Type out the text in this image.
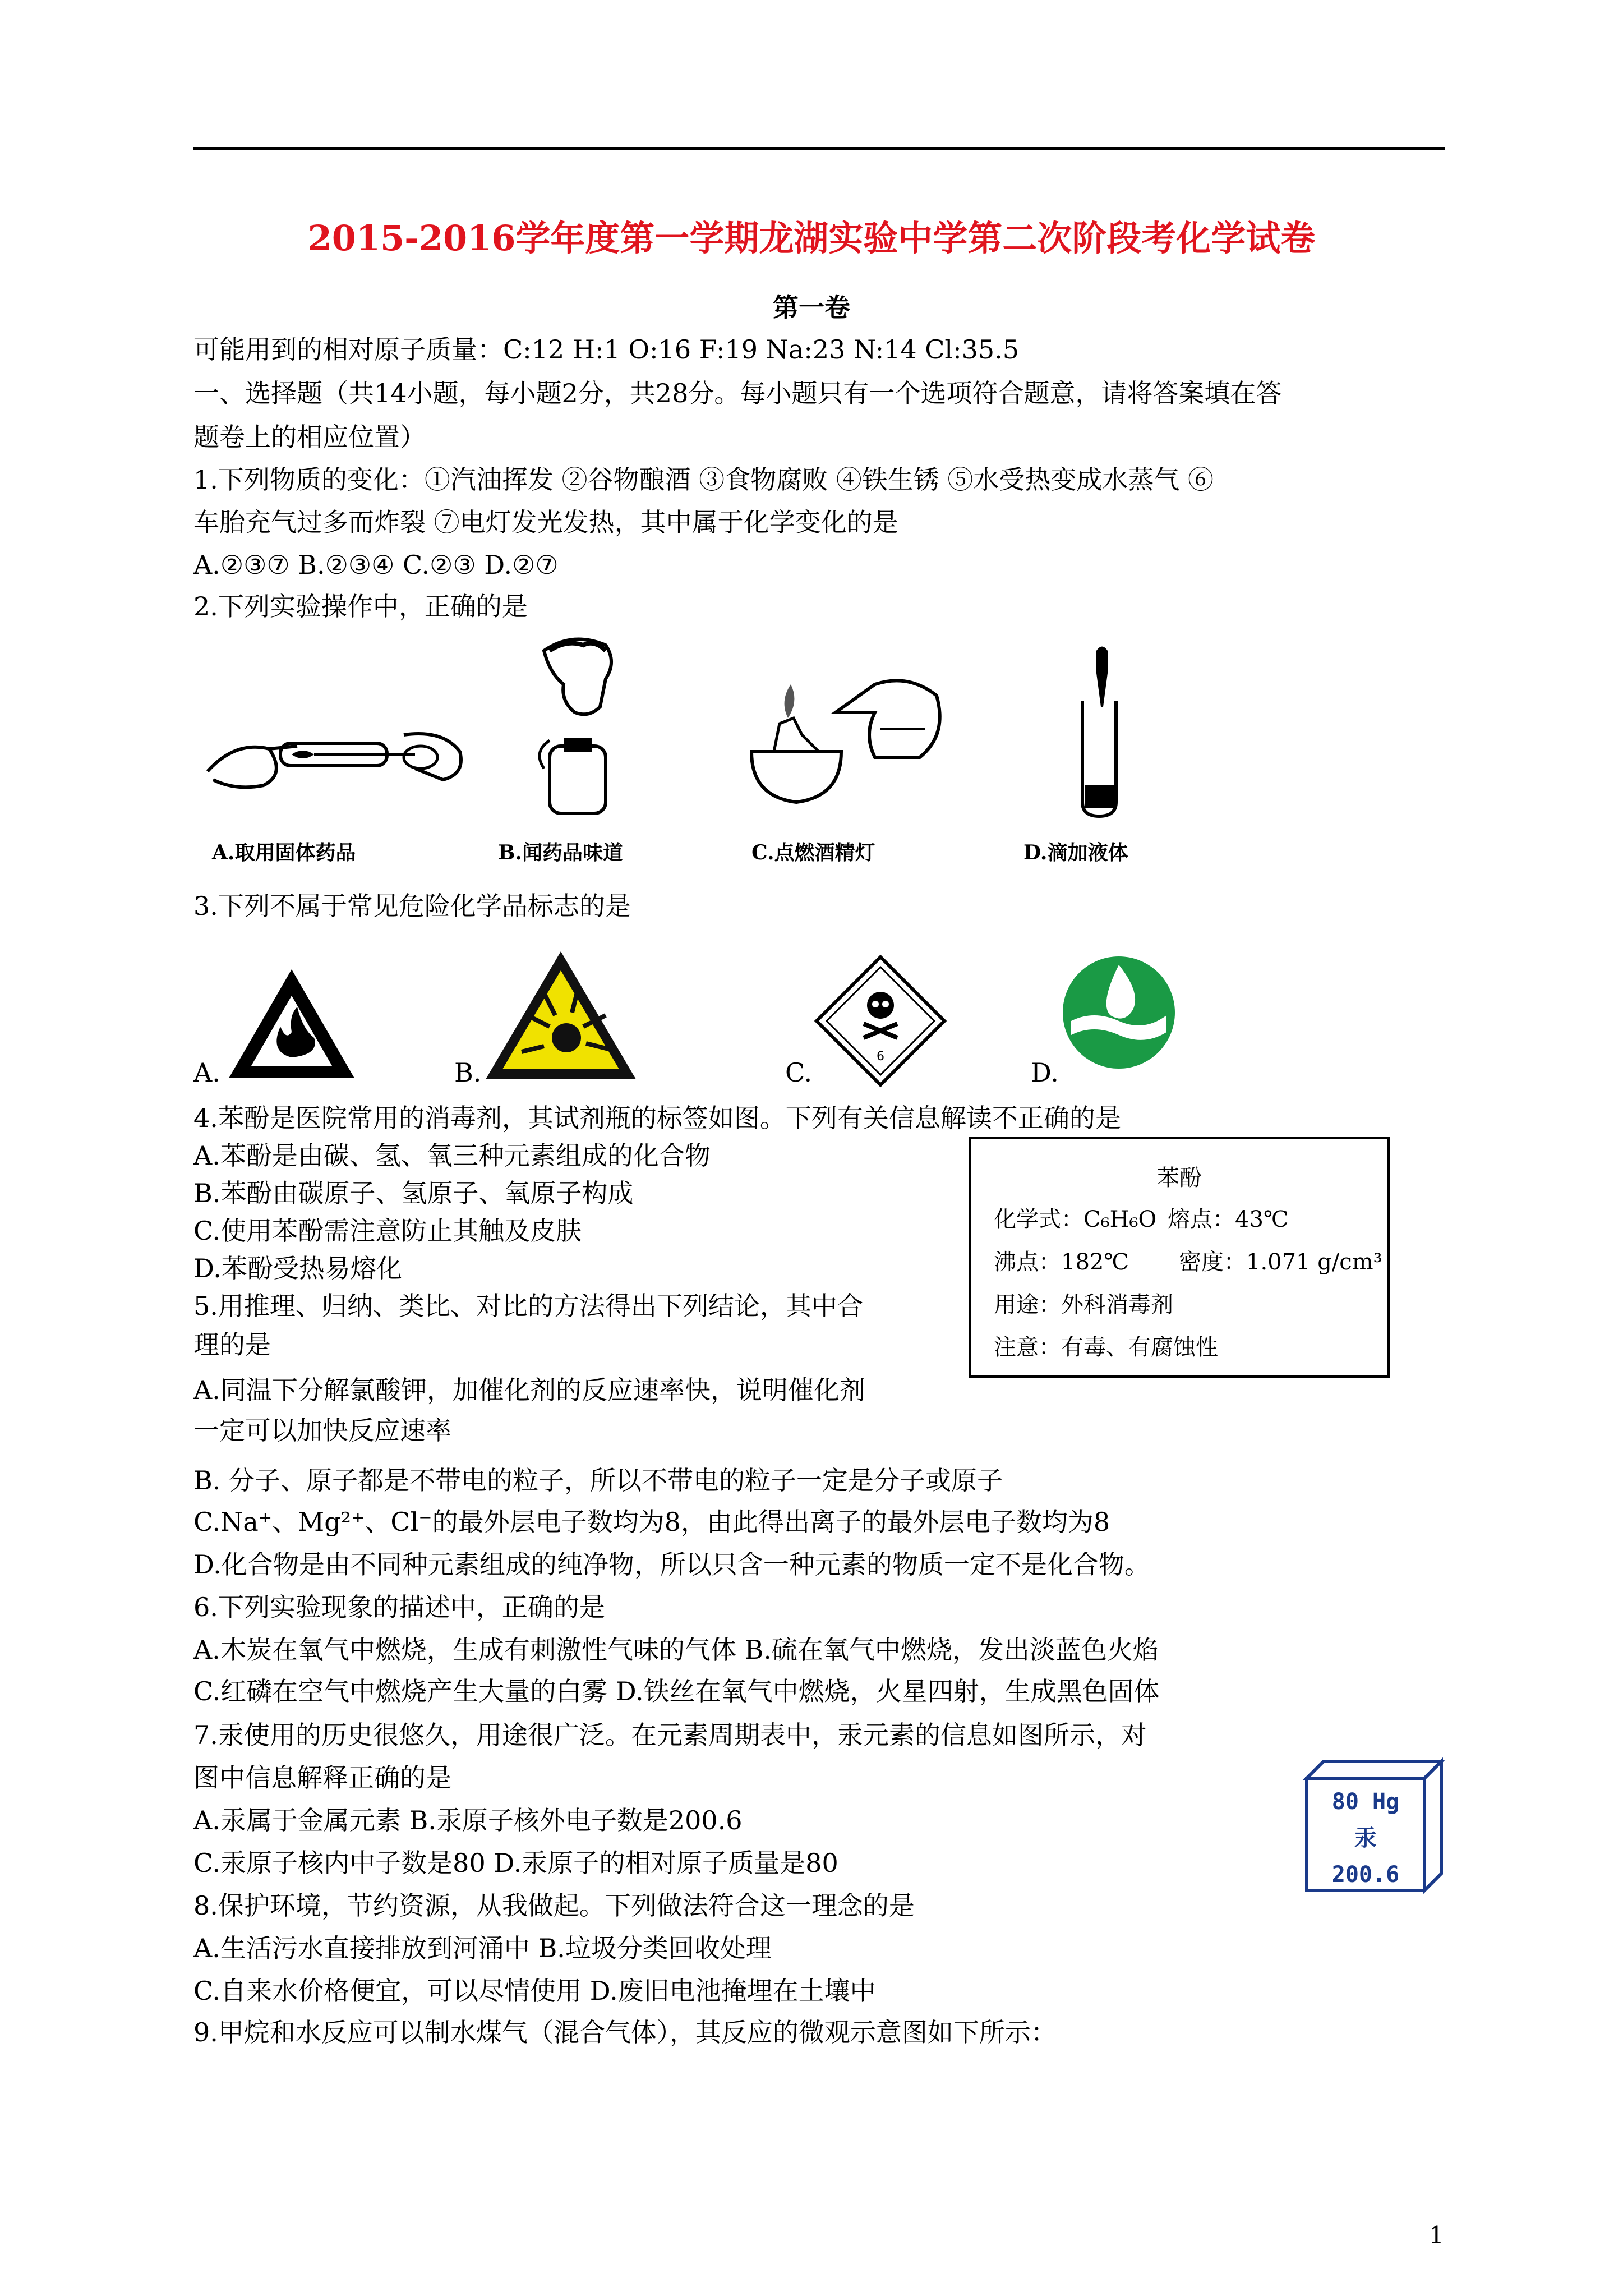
2015-2016学年度第一学期龙湖实验中学第二次阶段考化学试卷
第一卷
可能用到的相对原子质量：C:12 H:1 O:16 F:19 Na:23 N:14 Cl:35.5
一、选择题（共14小题，每小题2分，共28分。每小题只有一个选项符合题意，请将答案填在答
题卷上的相应位置）
1.下列物质的变化：①汽油挥发 ②谷物酿酒 ③食物腐败 ④铁生锈 ⑤水受热变成水蒸气 ⑥
车胎充气过多而炸裂 ⑦电灯发光发热，其中属于化学变化的是
A.②③⑦ B.②③④ C.②③ D.②⑦
2.下列实验操作中，正确的是
A.取用固体药品	B.闻药品味道	C.点燃酒精灯	D.滴加液体
3.下列不属于常见危险化学品标志的是
6
A.	B.	C.	D.
4.苯酚是医院常用的消毒剂，其试剂瓶的标签如图。下列有关信息解读不正确的是
A.苯酚是由碳、氢、氧三种元素组成的化合物
B.苯酚由碳原子、氢原子、氧原子构成
C.使用苯酚需注意防止其触及皮肤
D.苯酚受热易熔化
5.用推理、归纳、类比、对比的方法得出下列结论，其中合
理的是
A.同温下分解氯酸钾，加催化剂的反应速率快，说明催化剂
一定可以加快反应速率
B. 分子、原子都是不带电的粒子，所以不带电的粒子一定是分子或原子
C.Na⁺、Mg²⁺、Cl⁻的最外层电子数均为8，由此得出离子的最外层电子数均为8
D.化合物是由不同种元素组成的纯净物，所以只含一种元素的物质一定不是化合物。
6.下列实验现象的描述中，正确的是
A.木炭在氧气中燃烧，生成有刺激性气味的气体 B.硫在氧气中燃烧，发出淡蓝色火焰
C.红磷在空气中燃烧产生大量的白雾 D.铁丝在氧气中燃烧，火星四射，生成黑色固体
7.汞使用的历史很悠久，用途很广泛。在元素周期表中，汞元素的信息如图所示，对
图中信息解释正确的是
A.汞属于金属元素 B.汞原子核外电子数是200.6
C.汞原子核内中子数是80 D.汞原子的相对原子质量是80
8.保护环境，节约资源，从我做起。下列做法符合这一理念的是
A.生活污水直接排放到河涌中 B.垃圾分类回收处理
C.自来水价格便宜，可以尽情使用 D.废旧电池掩埋在土壤中
9.甲烷和水反应可以制水煤气（混合气体），其反应的微观示意图如下所示：
苯酚
化学式：C₆H₆O 熔点：43℃
沸点：182℃ 密度：1.071 g/cm³
用途：外科消毒剂
注意：有毒、有腐蚀性
80 Hg
汞
200.6
1
